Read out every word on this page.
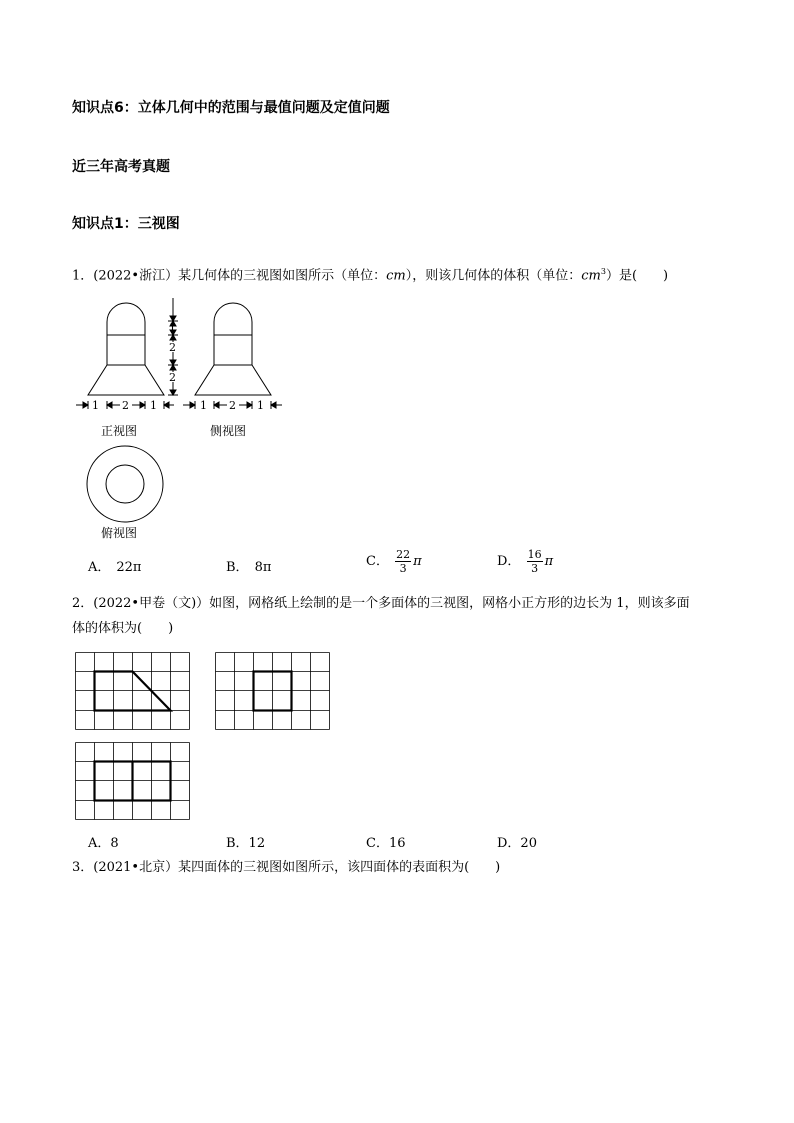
知识点6：立体几何中的范围与最值问题及定值问题
近三年高考真题
知识点1：三视图
1．(2022•浙江）某几何体的三视图如图所示（单位：cm），则该几何体的体积（单位：$cm^3$）是(　　)
1
2
2
1 2 1	1 2 1
正视图	侧视图
俯视图
A． 22π	B． 8π	C． $\frac{22}{3}$ π	D． $\frac{16}{3}$ π
2．(2022•甲卷（文)）如图，网格纸上绘制的是一个多面体的三视图，网格小正方形的边长为 1，则该多面
体的体积为(　　)
A．8	B．12	C．16	D．20
3．(2021•北京）某四面体的三视图如图所示，该四面体的表面积为(　　)
